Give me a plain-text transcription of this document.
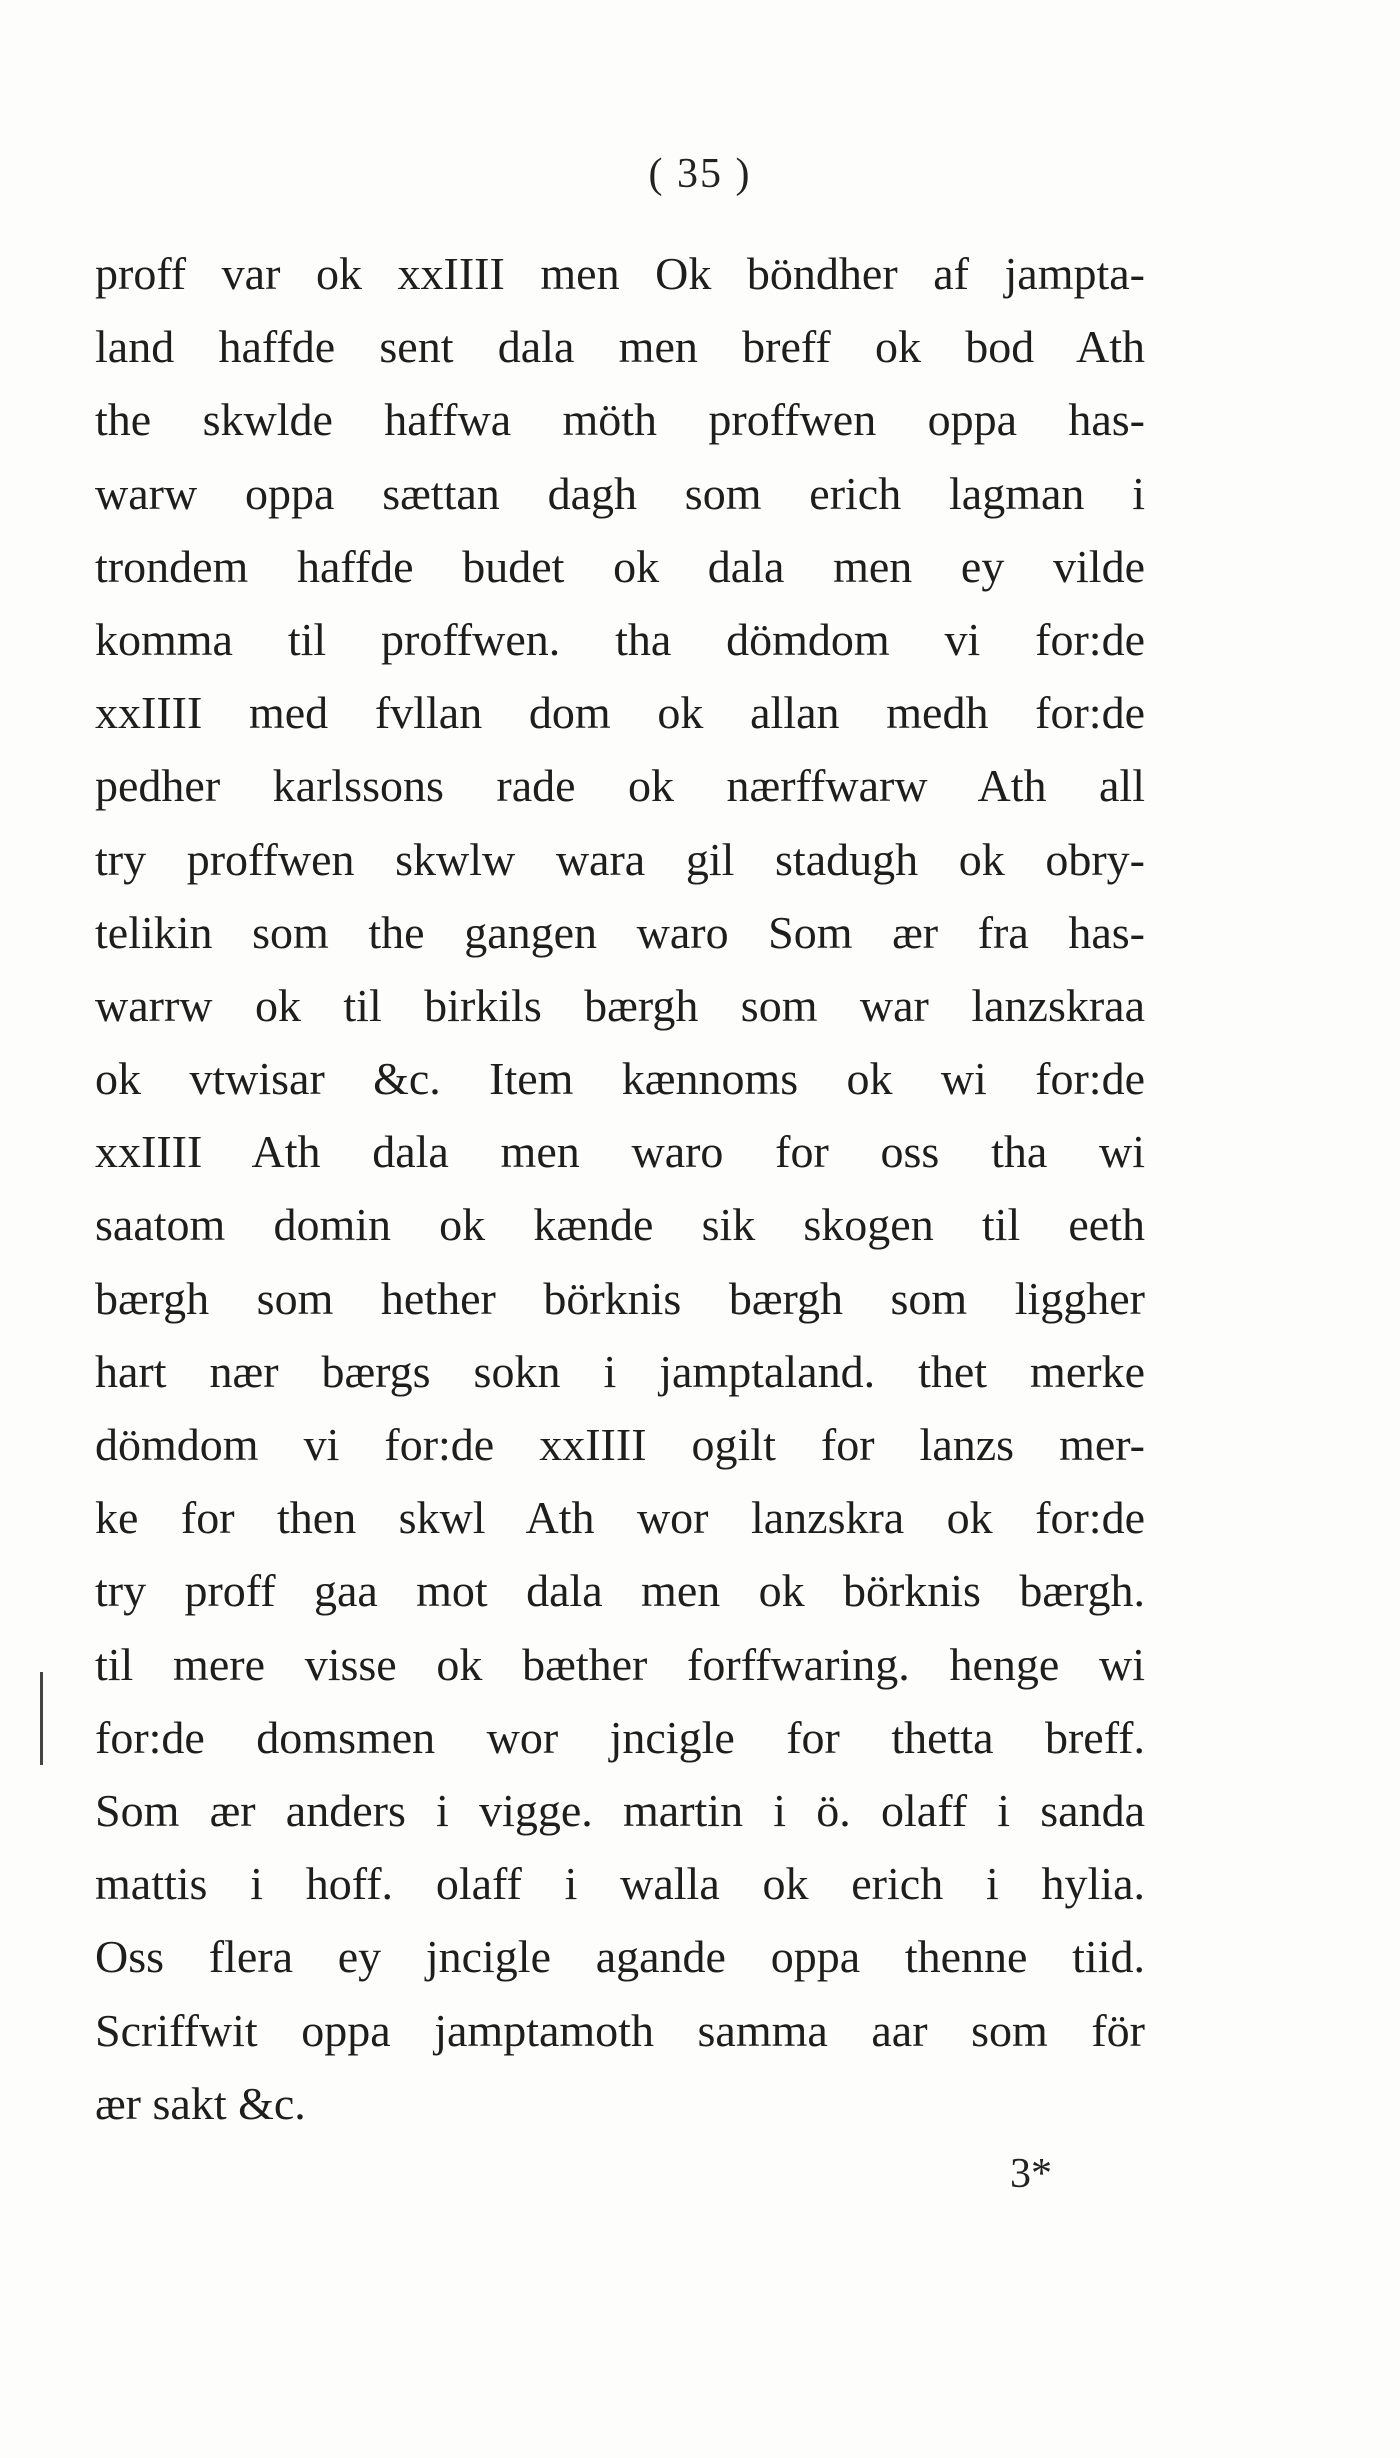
( 35 )
proff var ok xxIIII men Ok böndher af jampta-
land haffde sent dala men breff ok bod Ath
the skwlde haffwa möth proffwen oppa has-
warw oppa sættan dagh som erich lagman i
trondem haffde budet ok dala men ey vilde
komma til proffwen. tha dömdom vi for:de
xxIIII med fvllan dom ok allan medh for:de
pedher karlssons rade ok nærffwarw Ath all
try proffwen skwlw wara gil stadugh ok obry-
telikin som the gangen waro Som ær fra has-
warrw ok til birkils bærgh som war lanzskraa
ok vtwisar &c. Item kænnoms ok wi for:de
xxIIII Ath dala men waro for oss tha wi
saatom domin ok kænde sik skogen til eeth
bærgh som hether börknis bærgh som liggher
hart nær bærgs sokn i jamptaland. thet merke
dömdom vi for:de xxIIII ogilt for lanzs mer-
ke for then skwl Ath wor lanzskra ok for:de
try proff gaa mot dala men ok börknis bærgh.
til mere visse ok bæther forffwaring. henge wi
for:de domsmen wor jncigle for thetta breff.
Som ær anders i vigge. martin i ö. olaff i sanda
mattis i hoff. olaff i walla ok erich i hylia.
Oss flera ey jncigle agande oppa thenne tiid.
Scriffwit oppa jamptamoth samma aar som för
ær sakt &c.
3*
